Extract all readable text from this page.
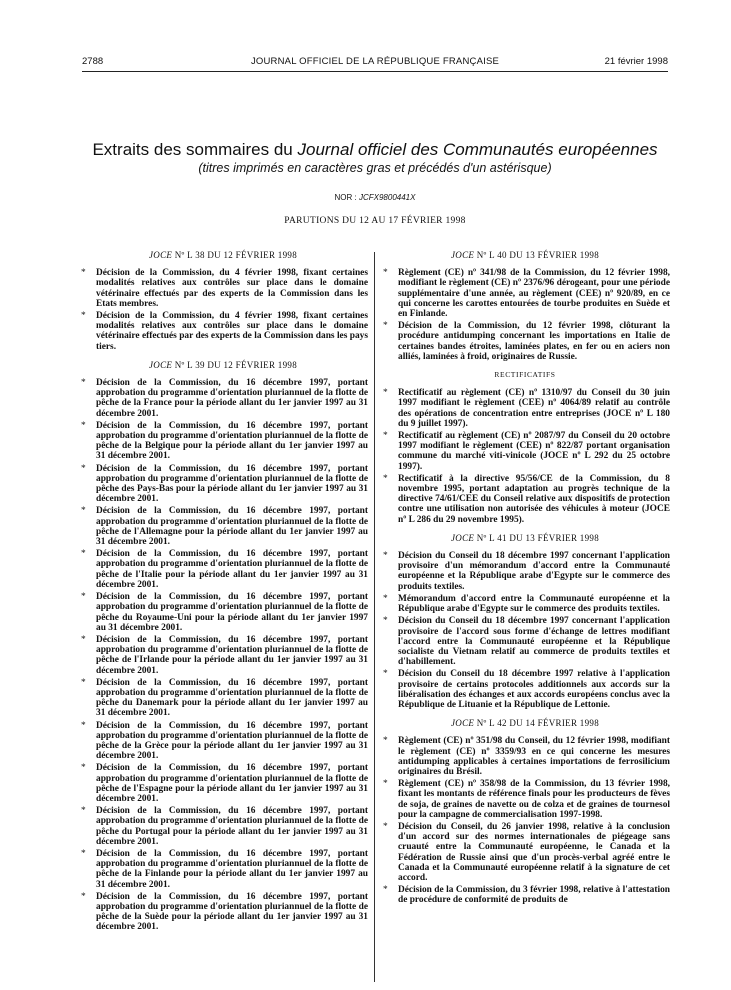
2788	JOURNAL OFFICIEL DE LA RÉPUBLIQUE FRANÇAISE	21 février 1998
Extraits des sommaires du Journal officiel des Communautés européennes
(titres imprimés en caractères gras et précédés d'un astérisque)
NOR : JCFX9800441X
PARUTIONS DU 12 AU 17 FÉVRIER 1998
JOCE Nº L 38 DU 12 FÉVRIER 1998
* Décision de la Commission, du 4 février 1998, fixant certaines modalités relatives aux contrôles sur place dans le domaine vétérinaire effectués par des experts de la Commission dans les Etats membres.
* Décision de la Commission, du 4 février 1998, fixant certaines modalités relatives aux contrôles sur place dans le domaine vétérinaire effectués par des experts de la Commission dans les pays tiers.
JOCE Nº L 39 DU 12 FÉVRIER 1998
* Décision de la Commission, du 16 décembre 1997, portant approbation du programme d'orientation pluriannuel de la flotte de pêche de la France pour la période allant du 1er janvier 1997 au 31 décembre 2001.
* Décision de la Commission, du 16 décembre 1997, portant approbation du programme d'orientation pluriannuel de la flotte de pêche de la Belgique pour la période allant du 1er janvier 1997 au 31 décembre 2001.
* Décision de la Commission, du 16 décembre 1997, portant approbation du programme d'orientation pluriannuel de la flotte de pêche des Pays-Bas pour la période allant du 1er janvier 1997 au 31 décembre 2001.
* Décision de la Commission, du 16 décembre 1997, portant approbation du programme d'orientation pluriannuel de la flotte de pêche de l'Allemagne pour la période allant du 1er janvier 1997 au 31 décembre 2001.
* Décision de la Commission, du 16 décembre 1997, portant approbation du programme d'orientation pluriannuel de la flotte de pêche de l'Italie pour la période allant du 1er janvier 1997 au 31 décembre 2001.
* Décision de la Commission, du 16 décembre 1997, portant approbation du programme d'orientation pluriannuel de la flotte de pêche du Royaume-Uni pour la période allant du 1er janvier 1997 au 31 décembre 2001.
* Décision de la Commission, du 16 décembre 1997, portant approbation du programme d'orientation pluriannuel de la flotte de pêche de l'Irlande pour la période allant du 1er janvier 1997 au 31 décembre 2001.
* Décision de la Commission, du 16 décembre 1997, portant approbation du programme d'orientation pluriannuel de la flotte de pêche du Danemark pour la période allant du 1er janvier 1997 au 31 décembre 2001.
* Décision de la Commission, du 16 décembre 1997, portant approbation du programme d'orientation pluriannuel de la flotte de pêche de la Grèce pour la période allant du 1er janvier 1997 au 31 décembre 2001.
* Décision de la Commission, du 16 décembre 1997, portant approbation du programme d'orientation pluriannuel de la flotte de pêche de l'Espagne pour la période allant du 1er janvier 1997 au 31 décembre 2001.
* Décision de la Commission, du 16 décembre 1997, portant approbation du programme d'orientation pluriannuel de la flotte de pêche du Portugal pour la période allant du 1er janvier 1997 au 31 décembre 2001.
* Décision de la Commission, du 16 décembre 1997, portant approbation du programme d'orientation pluriannuel de la flotte de pêche de la Finlande pour la période allant du 1er janvier 1997 au 31 décembre 2001.
* Décision de la Commission, du 16 décembre 1997, portant approbation du programme d'orientation pluriannuel de la flotte de pêche de la Suède pour la période allant du 1er janvier 1997 au 31 décembre 2001.
JOCE Nº L 40 DU 13 FÉVRIER 1998
* Règlement (CE) nº 341/98 de la Commission, du 12 février 1998, modifiant le règlement (CE) nº 2376/96 dérogeant, pour une période supplémentaire d'une année, au règlement (CEE) nº 920/89, en ce qui concerne les carottes entourées de tourbe produites en Suède et en Finlande.
* Décision de la Commission, du 12 février 1998, clôturant la procédure antidumping concernant les importations en Italie de certaines bandes étroites, laminées plates, en fer ou en aciers non alliés, laminées à froid, originaires de Russie.
RECTIFICATIFS
* Rectificatif au règlement (CE) nº 1310/97 du Conseil du 30 juin 1997 modifiant le règlement (CEE) nº 4064/89 relatif au contrôle des opérations de concentration entre entreprises (JOCE nº L 180 du 9 juillet 1997).
* Rectificatif au règlement (CE) nº 2087/97 du Conseil du 20 octobre 1997 modifiant le règlement (CEE) nº 822/87 portant organisation commune du marché viti-vinicole (JOCE nº L 292 du 25 octobre 1997).
* Rectificatif à la directive 95/56/CE de la Commission, du 8 novembre 1995, portant adaptation au progrès technique de la directive 74/61/CEE du Conseil relative aux dispositifs de protection contre une utilisation non autorisée des véhicules à moteur (JOCE nº L 286 du 29 novembre 1995).
JOCE Nº L 41 DU 13 FÉVRIER 1998
* Décision du Conseil du 18 décembre 1997 concernant l'application provisoire d'un mémorandum d'accord entre la Communauté européenne et la République arabe d'Egypte sur le commerce des produits textiles.
* Mémorandum d'accord entre la Communauté européenne et la République arabe d'Egypte sur le commerce des produits textiles.
* Décision du Conseil du 18 décembre 1997 concernant l'application provisoire de l'accord sous forme d'échange de lettres modifiant l'accord entre la Communauté européenne et la République socialiste du Vietnam relatif au commerce de produits textiles et d'habillement.
* Décision du Conseil du 18 décembre 1997 relative à l'application provisoire de certains protocoles additionnels aux accords sur la libéralisation des échanges et aux accords européens conclus avec la République de Lituanie et la République de Lettonie.
JOCE Nº L 42 DU 14 FÉVRIER 1998
* Règlement (CE) nº 351/98 du Conseil, du 12 février 1998, modifiant le règlement (CE) nº 3359/93 en ce qui concerne les mesures antidumping applicables à certaines importations de ferrosilicium originaires du Brésil.
* Règlement (CE) nº 358/98 de la Commission, du 13 février 1998, fixant les montants de référence finals pour les producteurs de fèves de soja, de graines de navette ou de colza et de graines de tournesol pour la campagne de commercialisation 1997-1998.
* Décision du Conseil, du 26 janvier 1998, relative à la conclusion d'un accord sur des normes internationales de piégeage sans cruauté entre la Communauté européenne, le Canada et la Fédération de Russie ainsi que d'un procès-verbal agréé entre le Canada et la Communauté européenne relatif à la signature de cet accord.
* Décision de la Commission, du 3 février 1998, relative à l'attestation de procédure de conformité de produits de
